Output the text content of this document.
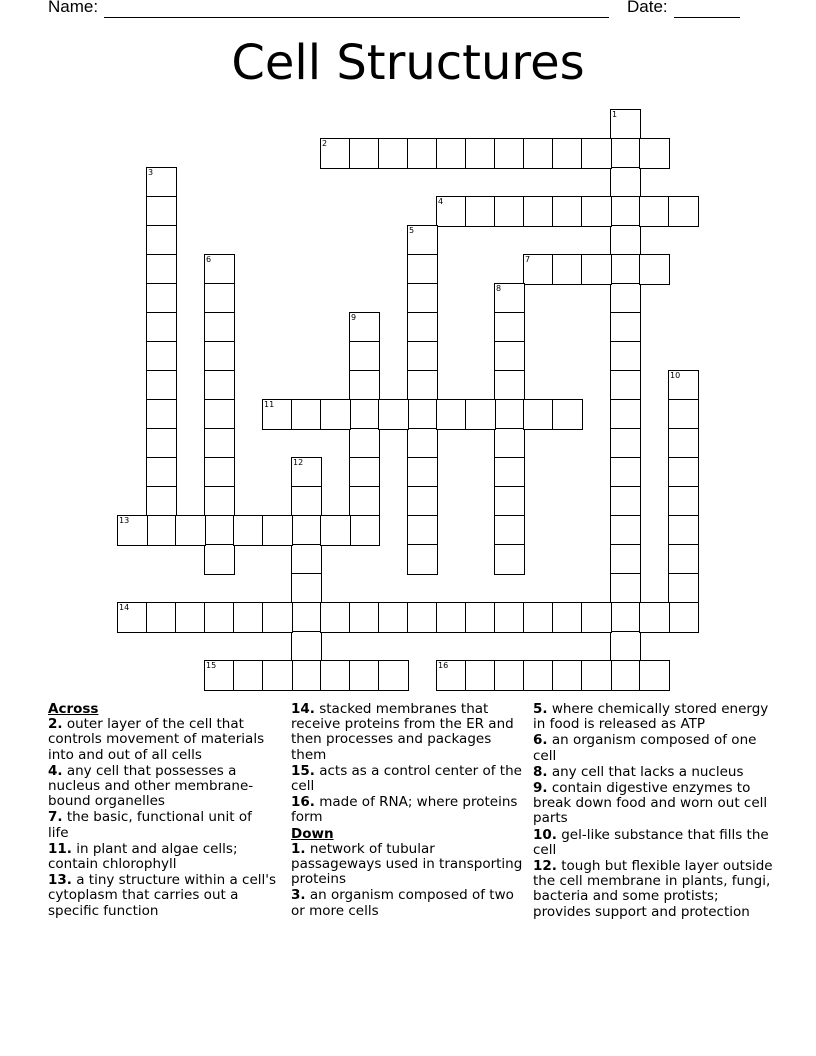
Name:	Date:
Cell Structures
1
2
3
4
5
6	7
8
9
10
11
12
13
14
15	16
Across
2. outer layer of the cell that controls movement of materials into and out of all cells
4. any cell that possesses a nucleus and other membrane-bound organelles
7. the basic, functional unit of life
11. in plant and algae cells; contain chlorophyll
13. a tiny structure within a cell's cytoplasm that carries out a specific function
14. stacked membranes that receive proteins from the ER and then processes and packages them
15. acts as a control center of the cell
16. made of RNA; where proteins form
Down
1. network of tubular passageways used in transporting proteins
3. an organism composed of two or more cells
5. where chemically stored energy in food is released as ATP
6. an organism composed of one cell
8. any cell that lacks a nucleus
9. contain digestive enzymes to break down food and worn out cell parts
10. gel-like substance that fills the cell
12. tough but flexible layer outside the cell membrane in plants, fungi, bacteria and some protists; provides support and protection
